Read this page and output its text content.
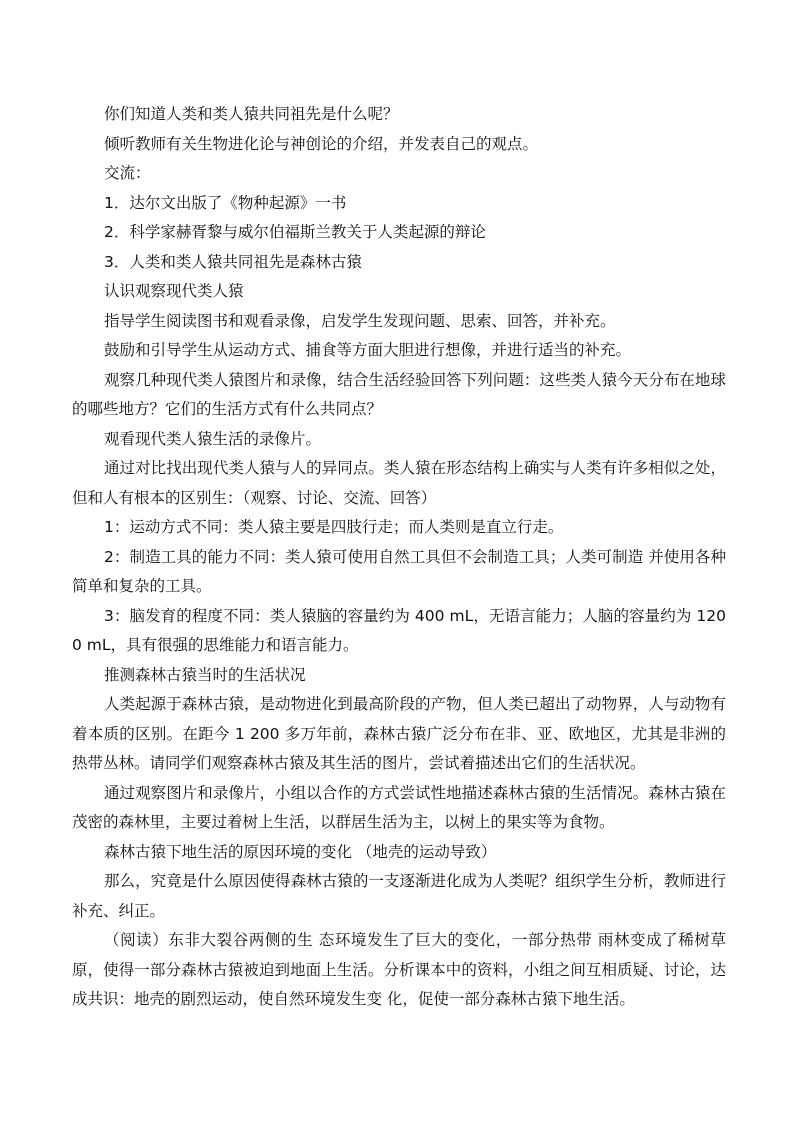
你们知道人类和类人猿共同祖先是什么呢？

倾听教师有关生物进化论与神创论的介绍，并发表自己的观点。

交流：

1．达尔文出版了《物种起源》一书

2．科学家赫胥黎与威尔伯福斯兰教关于人类起源的辩论

3．人类和类人猿共同祖先是森林古猿

认识观察现代类人猿

指导学生阅读图书和观看录像，启发学生发现问题、思索、回答，并补充。

鼓励和引导学生从运动方式、捕食等方面大胆进行想像，并进行适当的补充。

观察几种现代类人猿图片和录像，结合生活经验回答下列问题：这些类人猿今天分布在地球的哪些地方？它们的生活方式有什么共同点？

观看现代类人猿生活的录像片。

通过对比找出现代类人猿与人的异同点。类人猿在形态结构上确实与人类有许多相似之处，但和人有根本的区别生：（观察、讨论、交流、回答）

1：运动方式不同：类人猿主要是四肢行走；而人类则是直立行走。

2：制造工具的能力不同：类人猿可使用自然工具但不会制造工具；人类可制造 并使用各种简单和复杂的工具。

3：脑发育的程度不同：类人猿脑的容量约为 400 mL，无语言能力；人脑的容量约为 1200 mL，具有很强的思维能力和语言能力。

推测森林古猿当时的生活状况

人类起源于森林古猿，是动物进化到最高阶段的产物，但人类已超出了动物界，人与动物有着本质的区别。在距今 1 200 多万年前，森林古猿广泛分布在非、亚、欧地区，尤其是非洲的热带丛林。请同学们观察森林古猿及其生活的图片，尝试着描述出它们的生活状况。

通过观察图片和录像片，小组以合作的方式尝试性地描述森林古猿的生活情况。森林古猿在茂密的森林里，主要过着树上生活，以群居生活为主，以树上的果实等为食物。

森林古猿下地生活的原因环境的变化 （地壳的运动导致）

那么，究竟是什么原因使得森林古猿的一支逐渐进化成为人类呢？组织学生分析，教师进行补充、纠正。

（阅读）东非大裂谷两侧的生 态环境发生了巨大的变化，一部分热带 雨林变成了稀树草原，使得一部分森林古猿被迫到地面上生活。分析课本中的资料，小组之间互相质疑、讨论，达成共识：地壳的剧烈运动，使自然环境发生变 化，促使一部分森林古猿下地生活。
